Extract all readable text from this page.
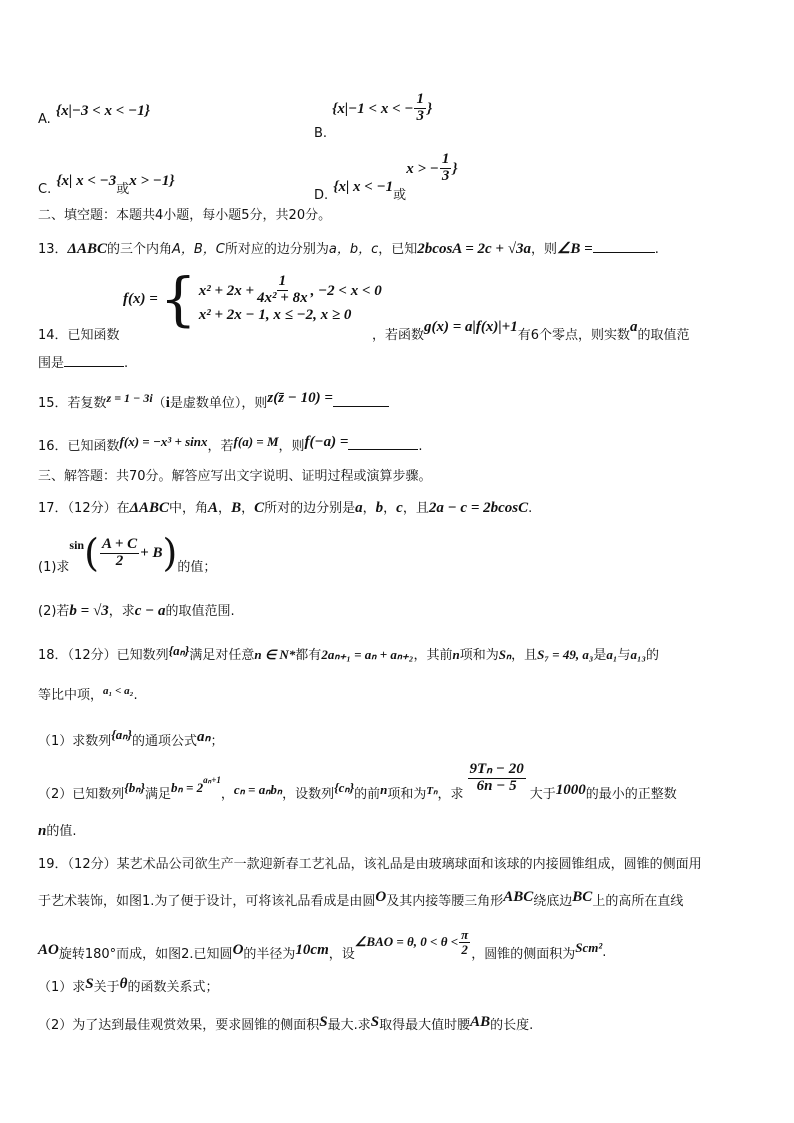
A. {x|−3 < x < −1}
$_{B.}$ {x|−1 < x < − $\frac{1}{3}$ }
$_{C.}$ {x| $x < -3_或x > -1$}
$_{D.}$ {x| $x < -1_或x$ > − $\frac{1}{3}$ }
二、填空题：本题共4小题，每小题5分，共20分。
13．ΔABC的三个内角A，B，C所对应的边分别为a，b，c，已知2bcosA = 2c + √3a，则∠B =	.
f(x) = { $x^2 + 2x + \frac{1}{\text{4x² + 8x}}$ , −2 < x < 0
x² + 2x − 1, x ≤ −2, x ≥ 0
$_{14.已知函数}$	$_{,若函数}g(x) = a|f(x)|+1_{有6个零点,则实数}a_{的取值范}$
围是	.
15．若复数$^{z = 1 - 3i}$（i是虚数单位），则z(z̄ − 10) =
16．已知函数$^{f(x) = -x^3 + sinx}$，若$^{f(a) = M}$，则f(−a) =	.
三、解答题：共70分。解答应写出文字说明、证明过程或演算步骤。
17．（12分）在ΔABC中，角A，B，C所对的边分别是a，b，c，且2a − c = 2bcosC.
(1)求
sin ( $\frac{A + C}{2} + B$ ) 的值；
(2)若b = √3，求c − a的取值范围.
18．（12分）已知数列$^{\{a_n\}}$满足对任意n ∈ N*都有2aₙ₊₁ = aₙ + aₙ₊₂，其前n项和为Sₙ，且S₇ = 49, a₃是a₁与a₁₃的
等比中项，$^{a_1 < a_2}$.
（1）求数列$^{\{a_n\}}$的通项公式aₙ；
（2）已知数列 {bₙ} 满足 bₙ = 2
$^{a_n+1}$
， cₙ = aₙbₙ ，设数列 {cₙ} 的前 n 项和为 Tₙ ，求 $\frac{\text{9Tₙ − 20}}{6n - 5}$ 大于 1000 的最小的正整数
n的值.
19．（12分）某艺术品公司欲生产一款迎新春工艺礼品，该礼品是由玻璃球面和该球的内接圆锥组成，圆锥的侧面用
于艺术装饰，如图1.为了便于设计，可将该礼品看成是由圆O及其内接等腰三角形ABC绕底边BC上的高所在直线
AO 旋转180°而成，如图2.已知圆 O 的半径为 10cm ，设
∠BAO = θ, $0 < \theta < \frac{\pi}{2}$ ，圆锥的侧面积为 Scm² .
（1）求S关于θ的函数关系式；
（2）为了达到最佳观赏效果，要求圆锥的侧面积S最大.求S取得最大值时腰AB的长度.
